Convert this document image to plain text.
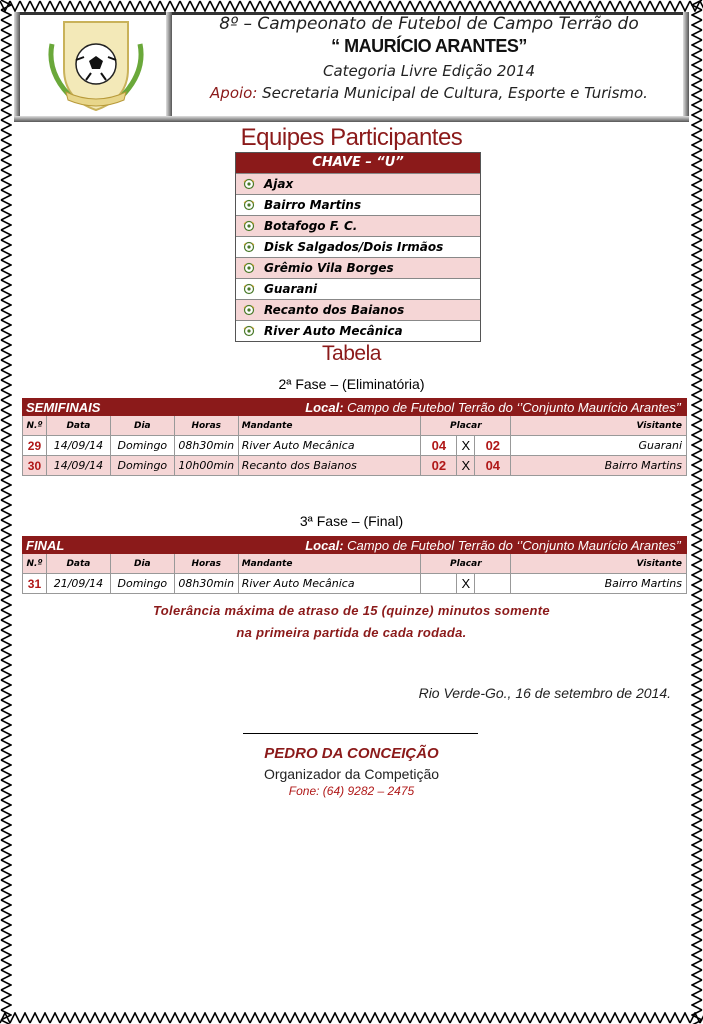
8º – Campeonato de Futebol de Campo Terrão do
“ MAURÍCIO ARANTES”
Categoria Livre Edição 2014
Apoio: Secretaria Municipal de Cultura, Esporte e Turismo.
Equipes Participantes
CHAVE – “U”
Ajax
Bairro Martins
Botafogo F. C.
Disk Salgados/Dois Irmãos
Grêmio Vila Borges
Guarani
Recanto dos Baianos
River Auto Mecânica
Tabela
2ª Fase – (Eliminatória)
SEMIFINAIS	Local: Campo de Futebol Terrão do ‘’Conjunto Maurício Arantes’’
N.º	Data	Dia	Horas	Mandante	Placar	Visitante
29	14/09/14	Domingo	08h30min River Auto Mecânica	04 X 02	Guarani
30	14/09/14	Domingo	10h00min Recanto dos Baianos	02 X 04	Bairro Martins
3ª Fase – (Final)
FINAL	Local: Campo de Futebol Terrão do ‘’Conjunto Maurício Arantes’’
N.º	Data	Dia	Horas	Mandante	Placar	Visitante
31	21/09/14	Domingo	08h30min River Auto Mecânica	X	Bairro Martins
Tolerância máxima de atraso de 15 (quinze) minutos somente
na primeira partida de cada rodada.
Rio Verde-Go., 16 de setembro de 2014.
PEDRO DA CONCEIÇÃO
Organizador da Competição
Fone: (64) 9282 – 2475
